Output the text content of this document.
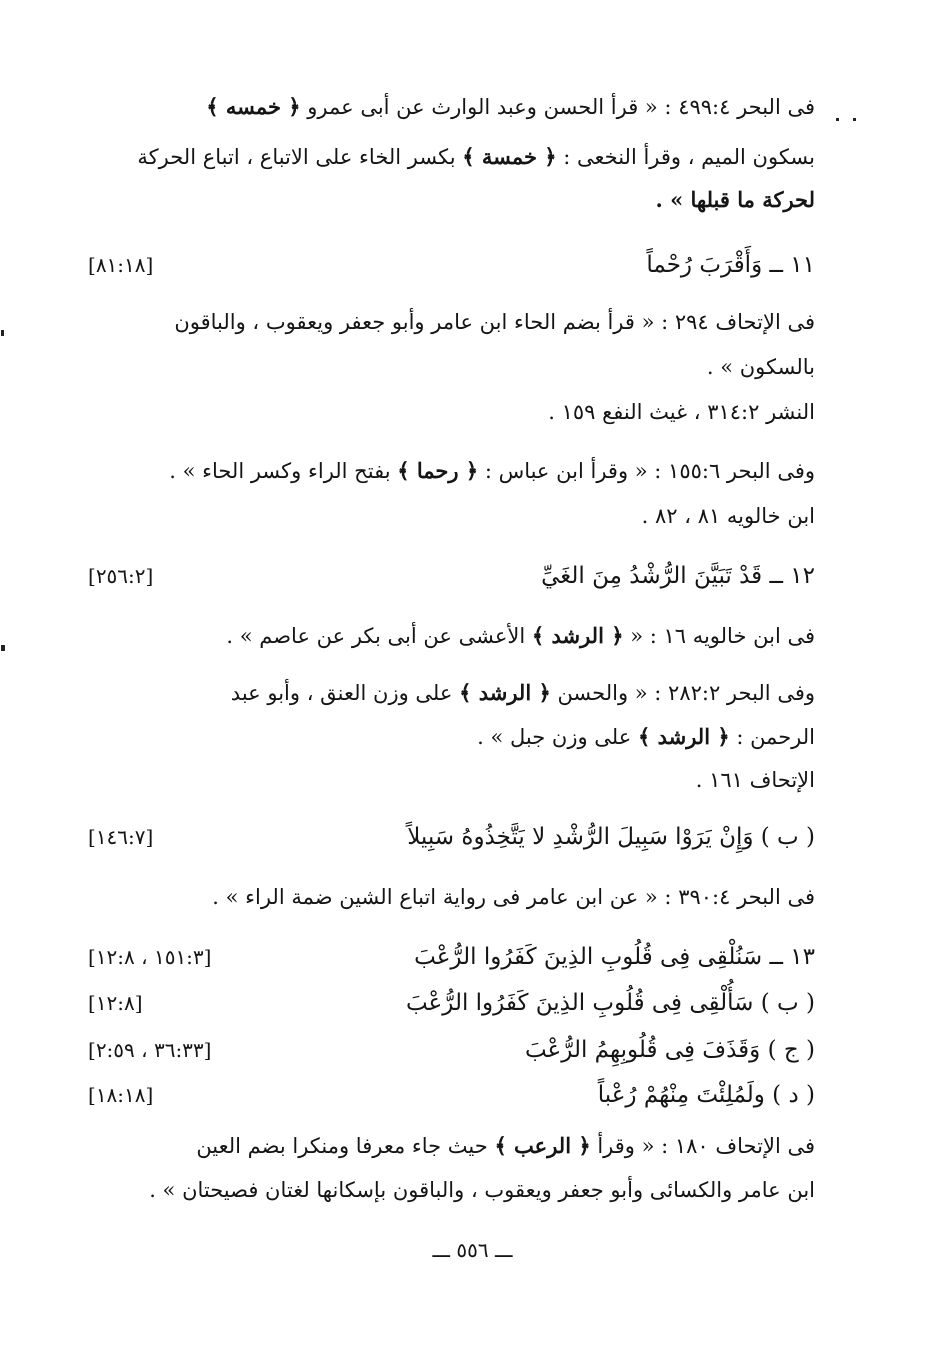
فى البحر ٤٩٩:٤ : « قرأ الحسن وعبد الوارث عن أبى عمرو ﴿ خمسه ﴾
بسكون الميم ، وقرأ النخعى : ﴿ خمسة ﴾ بكسر الخاء على الاتباع ، اتباع الحركة
لحركة ما قبلها » .
١١ ــ وَأَقْرَبَ رُحْماً
[٨١:١٨]
فى الإتحاف ٢٩٤ : « قرأ بضم الحاء ابن عامر وأبو جعفر ويعقوب ، والباقون
بالسكون » .
النشر ٣١٤:٢ ، غيث النفع ١٥٩ .
وفى البحر ١٥٥:٦ : « وقرأ ابن عباس : ﴿ رحما ﴾ بفتح الراء وكسر الحاء » .
ابن خالويه ٨١ ، ٨٢ .
١٢ ــ قَدْ تَبَيَّنَ الرُّشْدُ مِنَ الغَيِّ
[٢٥٦:٢]
فى ابن خالويه ١٦ : « ﴿ الرشد ﴾ الأعشى عن أبى بكر عن عاصم » .
وفى البحر ٢٨٢:٢ : « والحسن ﴿ الرشد ﴾ على وزن العنق ، وأبو عبد
الرحمن : ﴿ الرشد ﴾ على وزن جبل » .
الإتحاف ١٦١ .
( ب ) وَإِنْ يَرَوْا سَبِيلَ الرُّشْدِ لا يَتَّخِذُوهُ سَبِيلاً
[١٤٦:٧]
فى البحر ٣٩٠:٤ : « عن ابن عامر فى رواية اتباع الشين ضمة الراء » .
١٣ ــ سَنُلْقِى فِى قُلُوبِ الذِينَ كَفَرُوا الرُّعْبَ
[١٥١:٣ ، ١٢:٨]
( ب ) سَأُلْقِى فِى قُلُوبِ الذِينَ كَفَرُوا الرُّعْبَ
[١٢:٨]
( ج ) وَقَذَفَ فِى قُلُوبِهِمُ الرُّعْبَ
[٣٦:٣٣ ، ٢:٥٩]
( د ) ولَمُلِئْتَ مِنْهُمْ رُعْباً
[١٨:١٨]
فى الإتحاف ١٨٠ : « وقرأ ﴿ الرعب ﴾ حيث جاء معرفا ومنكرا بضم العين
ابن عامر والكسائى وأبو جعفر ويعقوب ، والباقون بإسكانها لغتان فصيحتان » .
ـــ ٥٥٦ ـــ
